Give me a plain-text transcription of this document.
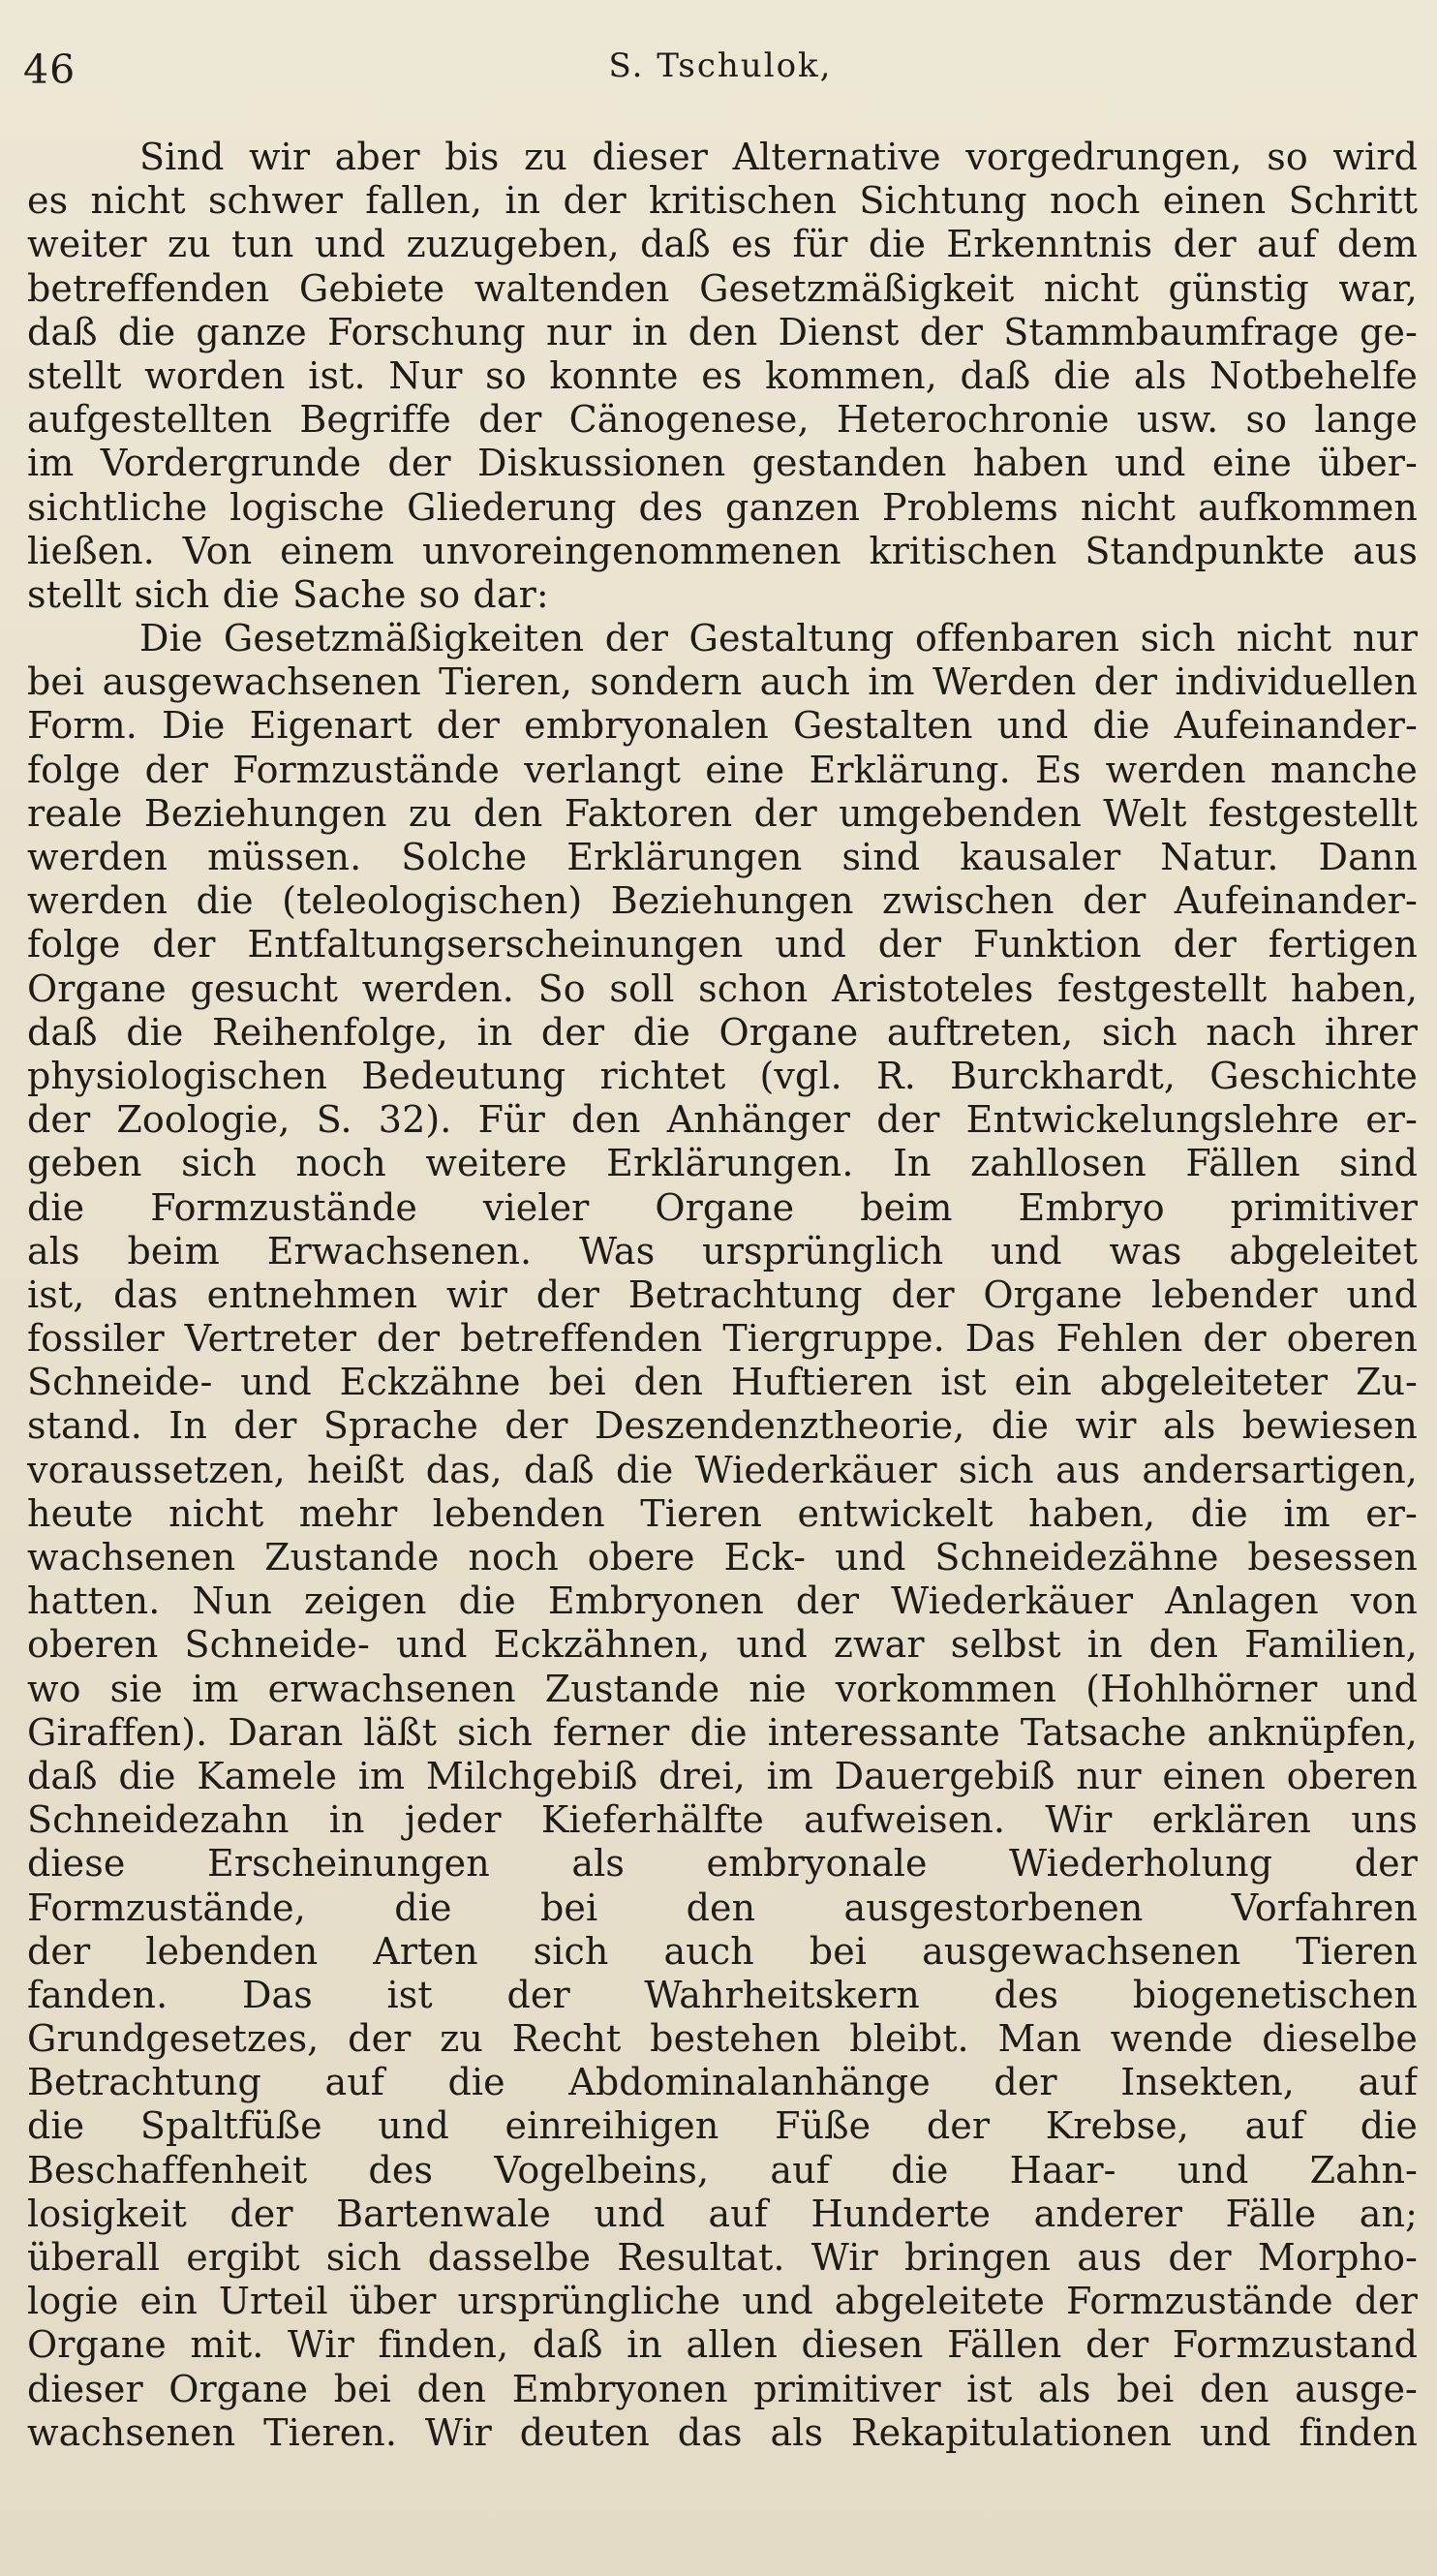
46	S. Tschulok,
Sind wir aber bis zu dieser Alternative vorgedrungen, so wird
es nicht schwer fallen, in der kritischen Sichtung noch einen Schritt
weiter zu tun und zuzugeben, daß es für die Erkenntnis der auf dem
betreffenden Gebiete waltenden Gesetzmäßigkeit nicht günstig war,
daß die ganze Forschung nur in den Dienst der Stammbaumfrage ge-
stellt worden ist. Nur so konnte es kommen, daß die als Notbehelfe
aufgestellten Begriffe der Cänogenese, Heterochronie usw. so lange
im Vordergrunde der Diskussionen gestanden haben und eine über-
sichtliche logische Gliederung des ganzen Problems nicht aufkommen
ließen. Von einem unvoreingenommenen kritischen Standpunkte aus
stellt sich die Sache so dar:
Die Gesetzmäßigkeiten der Gestaltung offenbaren sich nicht nur
bei ausgewachsenen Tieren, sondern auch im Werden der individuellen
Form. Die Eigenart der embryonalen Gestalten und die Aufeinander-
folge der Formzustände verlangt eine Erklärung. Es werden manche
reale Beziehungen zu den Faktoren der umgebenden Welt festgestellt
werden müssen. Solche Erklärungen sind kausaler Natur. Dann
werden die (teleologischen) Beziehungen zwischen der Aufeinander-
folge der Entfaltungserscheinungen und der Funktion der fertigen
Organe gesucht werden. So soll schon Aristoteles festgestellt haben,
daß die Reihenfolge, in der die Organe auftreten, sich nach ihrer
physiologischen Bedeutung richtet (vgl. R. Burckhardt, Geschichte
der Zoologie, S. 32). Für den Anhänger der Entwickelungslehre er-
geben sich noch weitere Erklärungen. In zahllosen Fällen sind
die Formzustände vieler Organe beim Embryo primitiver
als beim Erwachsenen. Was ursprünglich und was abgeleitet
ist, das entnehmen wir der Betrachtung der Organe lebender und
fossiler Vertreter der betreffenden Tiergruppe. Das Fehlen der oberen
Schneide- und Eckzähne bei den Huftieren ist ein abgeleiteter Zu-
stand. In der Sprache der Deszendenztheorie, die wir als bewiesen
voraussetzen, heißt das, daß die Wiederkäuer sich aus andersartigen,
heute nicht mehr lebenden Tieren entwickelt haben, die im er-
wachsenen Zustande noch obere Eck- und Schneidezähne besessen
hatten. Nun zeigen die Embryonen der Wiederkäuer Anlagen von
oberen Schneide- und Eckzähnen, und zwar selbst in den Familien,
wo sie im erwachsenen Zustande nie vorkommen (Hohlhörner und
Giraffen). Daran läßt sich ferner die interessante Tatsache anknüpfen,
daß die Kamele im Milchgebiß drei, im Dauergebiß nur einen oberen
Schneidezahn in jeder Kieferhälfte aufweisen. Wir erklären uns
diese Erscheinungen als embryonale Wiederholung der
Formzustände, die bei den ausgestorbenen Vorfahren
der lebenden Arten sich auch bei ausgewachsenen Tieren
fanden. Das ist der Wahrheitskern des biogenetischen
Grundgesetzes, der zu Recht bestehen bleibt. Man wende dieselbe
Betrachtung auf die Abdominalanhänge der Insekten, auf
die Spaltfüße und einreihigen Füße der Krebse, auf die
Beschaffenheit des Vogelbeins, auf die Haar- und Zahn-
losigkeit der Bartenwale und auf Hunderte anderer Fälle an;
überall ergibt sich dasselbe Resultat. Wir bringen aus der Morpho-
logie ein Urteil über ursprüngliche und abgeleitete Formzustände der
Organe mit. Wir finden, daß in allen diesen Fällen der Formzustand
dieser Organe bei den Embryonen primitiver ist als bei den ausge-
wachsenen Tieren. Wir deuten das als Rekapitulationen und finden
